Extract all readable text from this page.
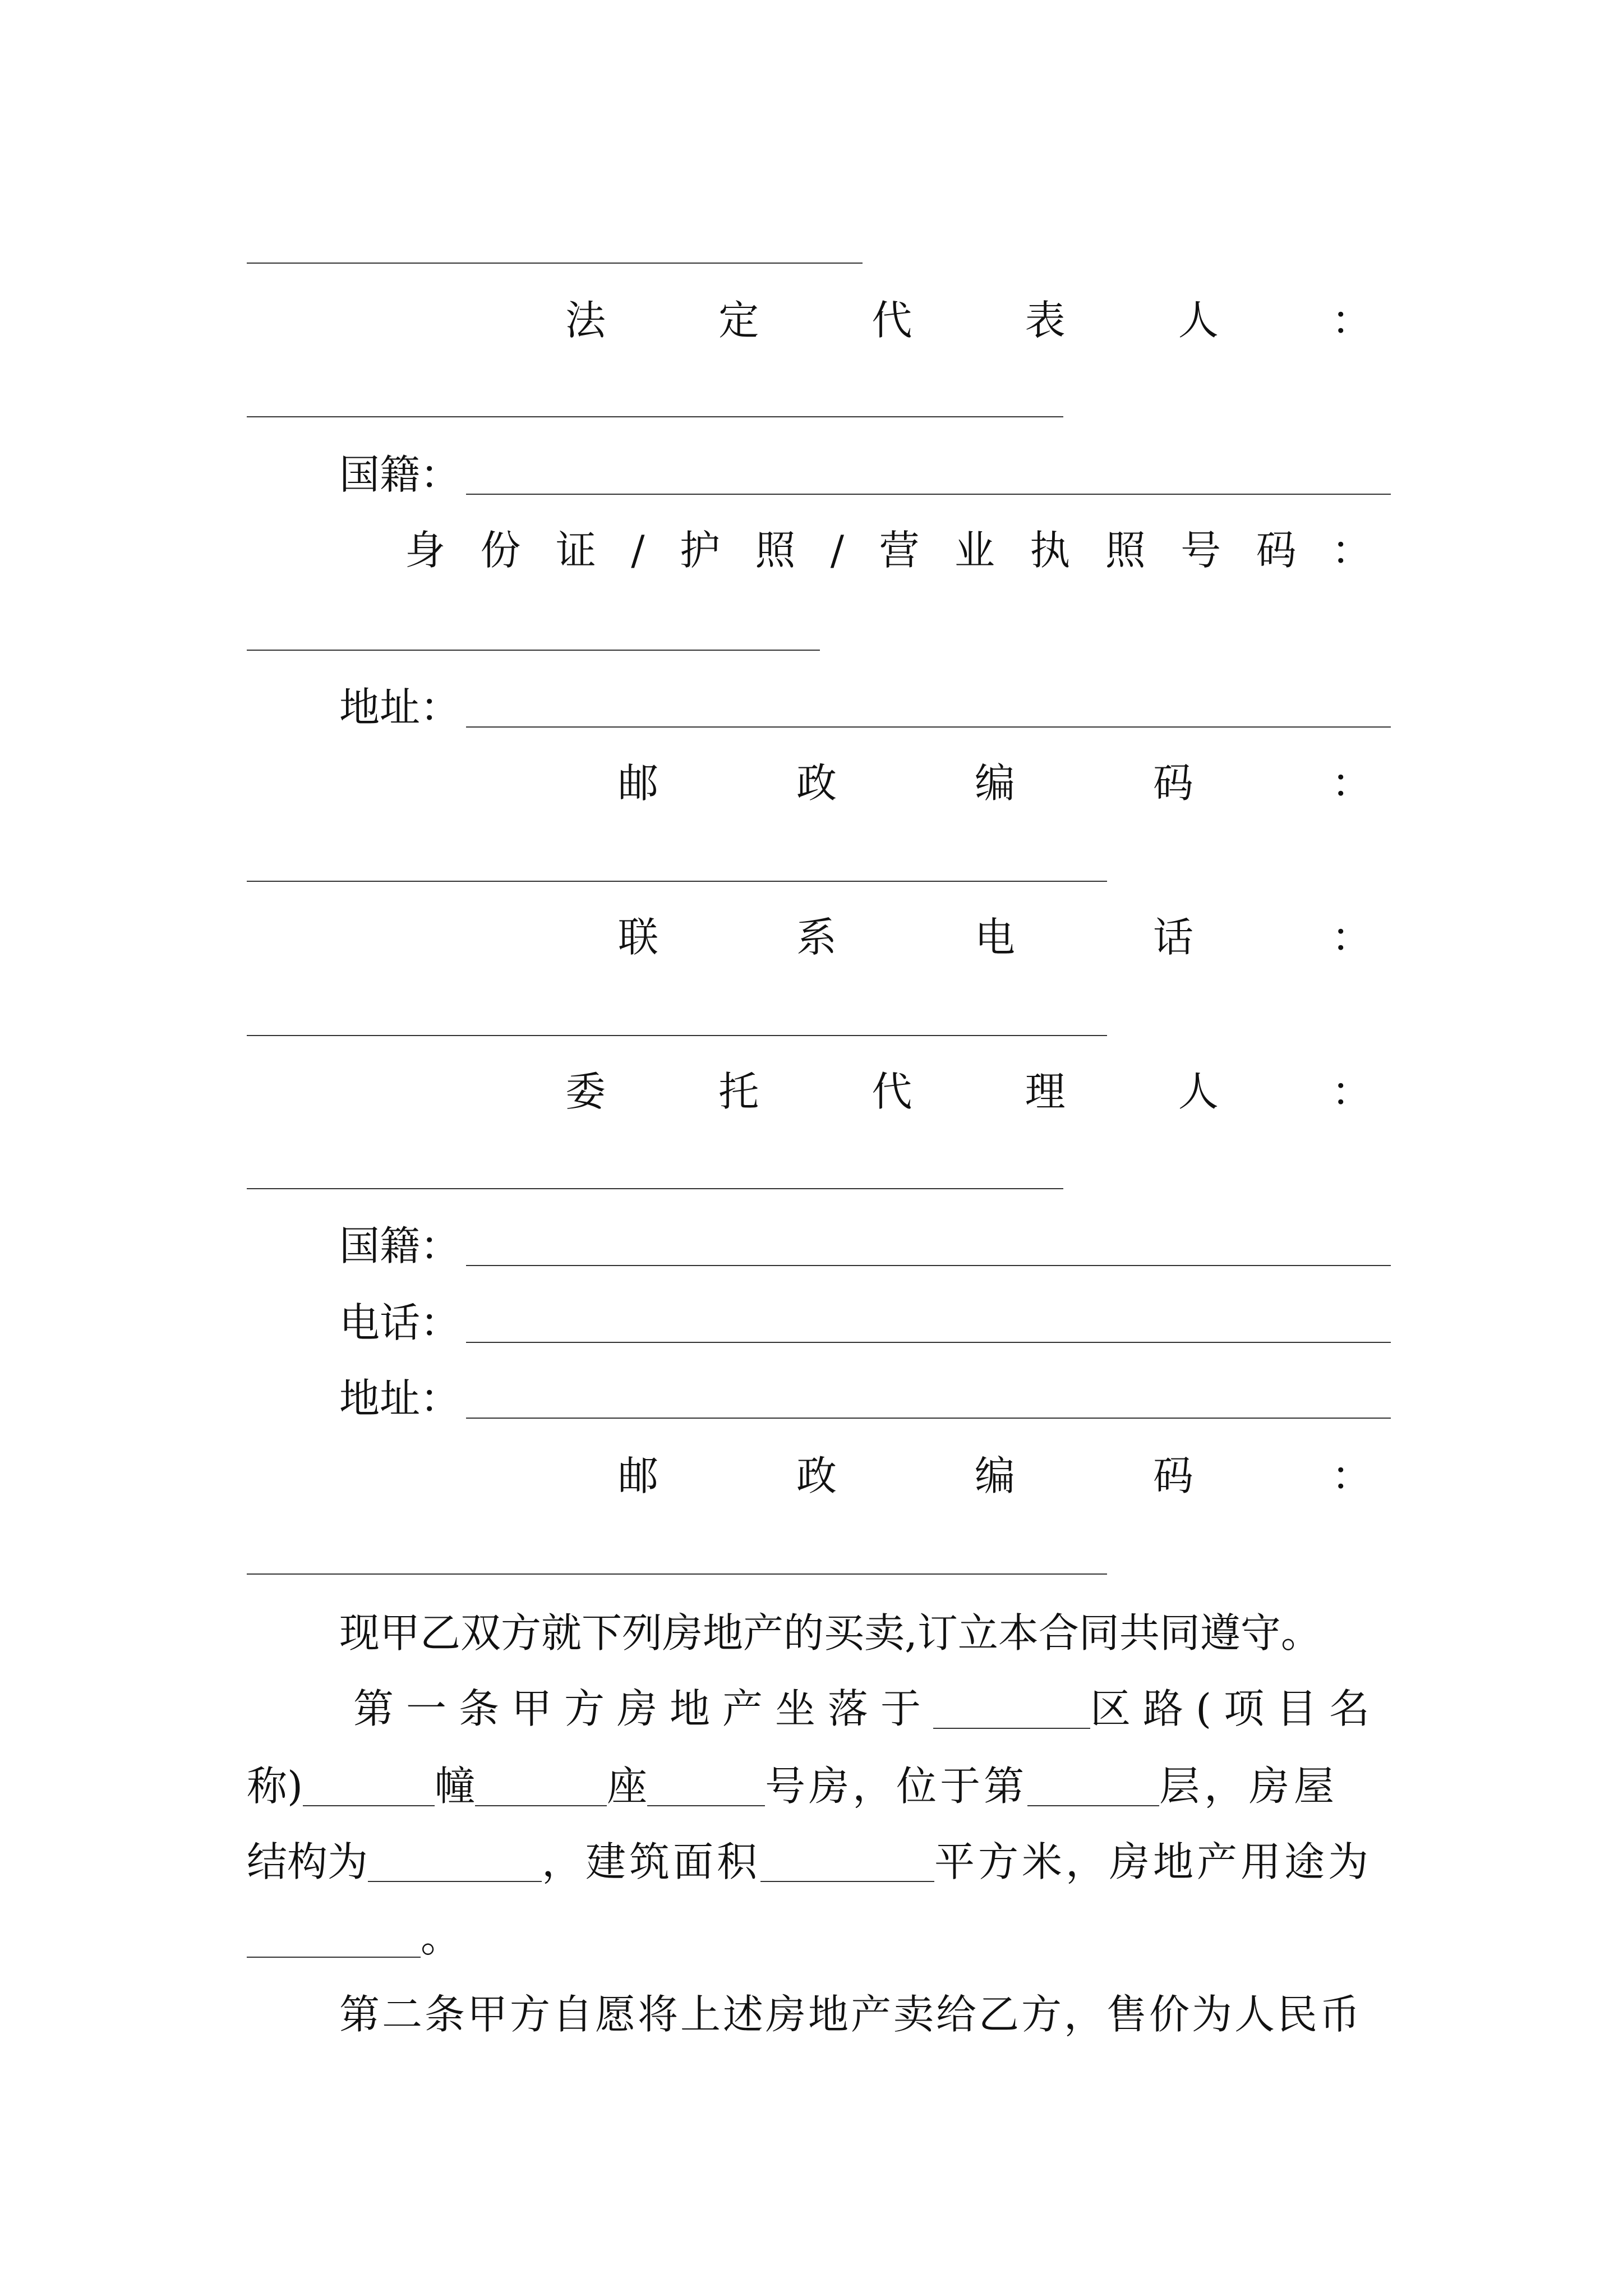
法	定	代	表	人	：
国籍：
身 份 证 / 护 照 / 营 业 执 照 号 码 ：
地址：
邮	政	编	码	：
联	系	电	话	：
委	托	代	理	人	：
国籍：
电话：
地址：
邮	政	编	码	：
现甲乙双方就下列房地产的买卖,订立本合同共同遵守。
第一条甲方房地产坐落于	区路(项目名
称)	幢	座	号房，位于第	层，房屋
结构为	，建筑面积	平方米，房地产用途为
。
第二条甲方自愿将上述房地产卖给乙方，售价为人民币
